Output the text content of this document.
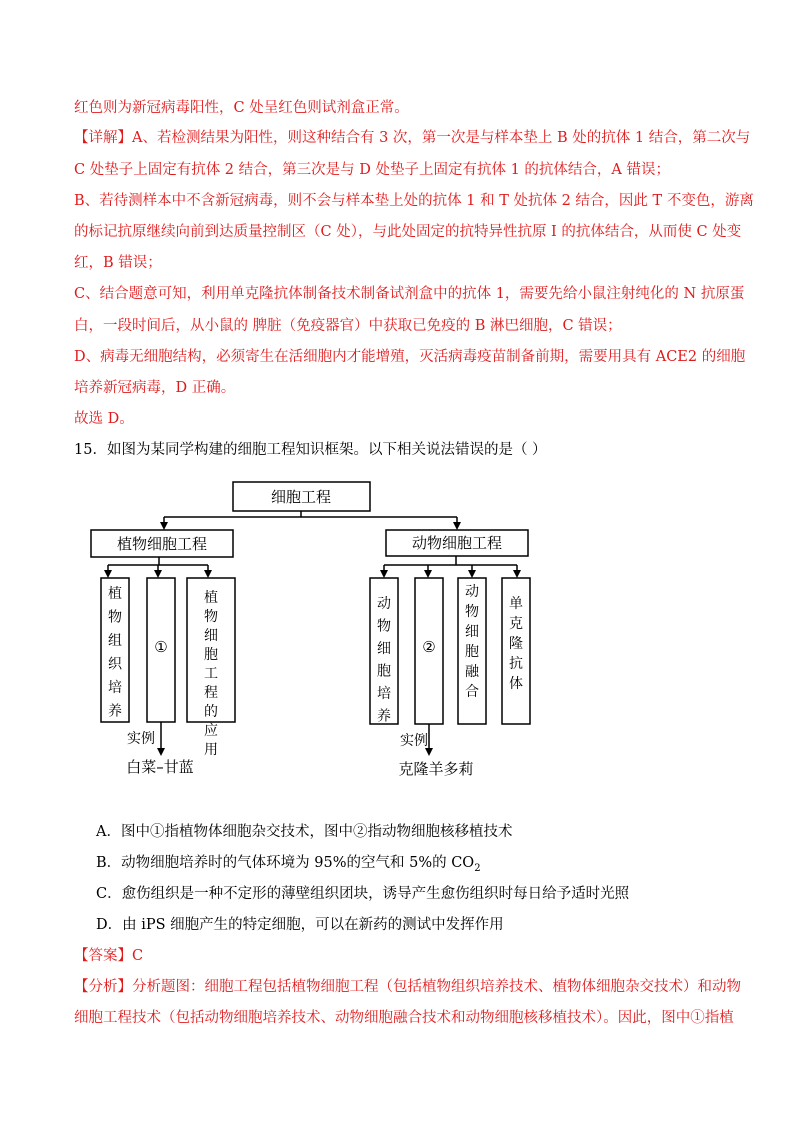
红色则为新冠病毒阳性，C 处呈红色则试剂盒正常。
【详解】A、若检测结果为阳性，则这种结合有 3 次，第一次是与样本垫上 B 处的抗体 1 结合，第二次与
C 处垫子上固定有抗体 2 结合，第三次是与 D 处垫子上固定有抗体 1 的抗体结合，A 错误；
B、若待测样本中不含新冠病毒，则不会与样本垫上处的抗体 1 和 T 处抗体 2 结合，因此 T 不变色，游离
的标记抗原继续向前到达质量控制区（C 处），与此处固定的抗特异性抗原 I 的抗体结合，从而使 C 处变
红，B 错误；
C、结合题意可知，利用单克隆抗体制备技术制备试剂盒中的抗体 1，需要先给小鼠注射纯化的 N 抗原蛋
白，一段时间后，从小鼠的 脾脏（免疫器官）中获取已免疫的 B 淋巴细胞，C 错误；
D、病毒无细胞结构，必须寄生在活细胞内才能增殖，灭活病毒疫苗制备前期，需要用具有 ACE2 的细胞
培养新冠病毒，D 正确。
故选 D。
15．如图为某同学构建的细胞工程知识框架。以下相关说法错误的是（ ）
细胞工程
植物细胞工程	动物细胞工程
植物组织培养
①
植物细胞工程的应用
动物细胞培养
②
动物细胞融合
单克隆抗体
实例
白菜–甘蓝
实例
克隆羊多莉
A．图中①指植物体细胞杂交技术，图中②指动物细胞核移植技术
B．动物细胞培养时的气体环境为 95%的空气和 5%的 $CO_2$
C．愈伤组织是一种不定形的薄壁组织团块，诱导产生愈伤组织时每日给予适时光照
D．由 iPS 细胞产生的特定细胞，可以在新药的测试中发挥作用
【答案】C
【分析】分析题图：细胞工程包括植物细胞工程（包括植物组织培养技术、植物体细胞杂交技术）和动物
细胞工程技术（包括动物细胞培养技术、动物细胞融合技术和动物细胞核移植技术）。因此，图中①指植
